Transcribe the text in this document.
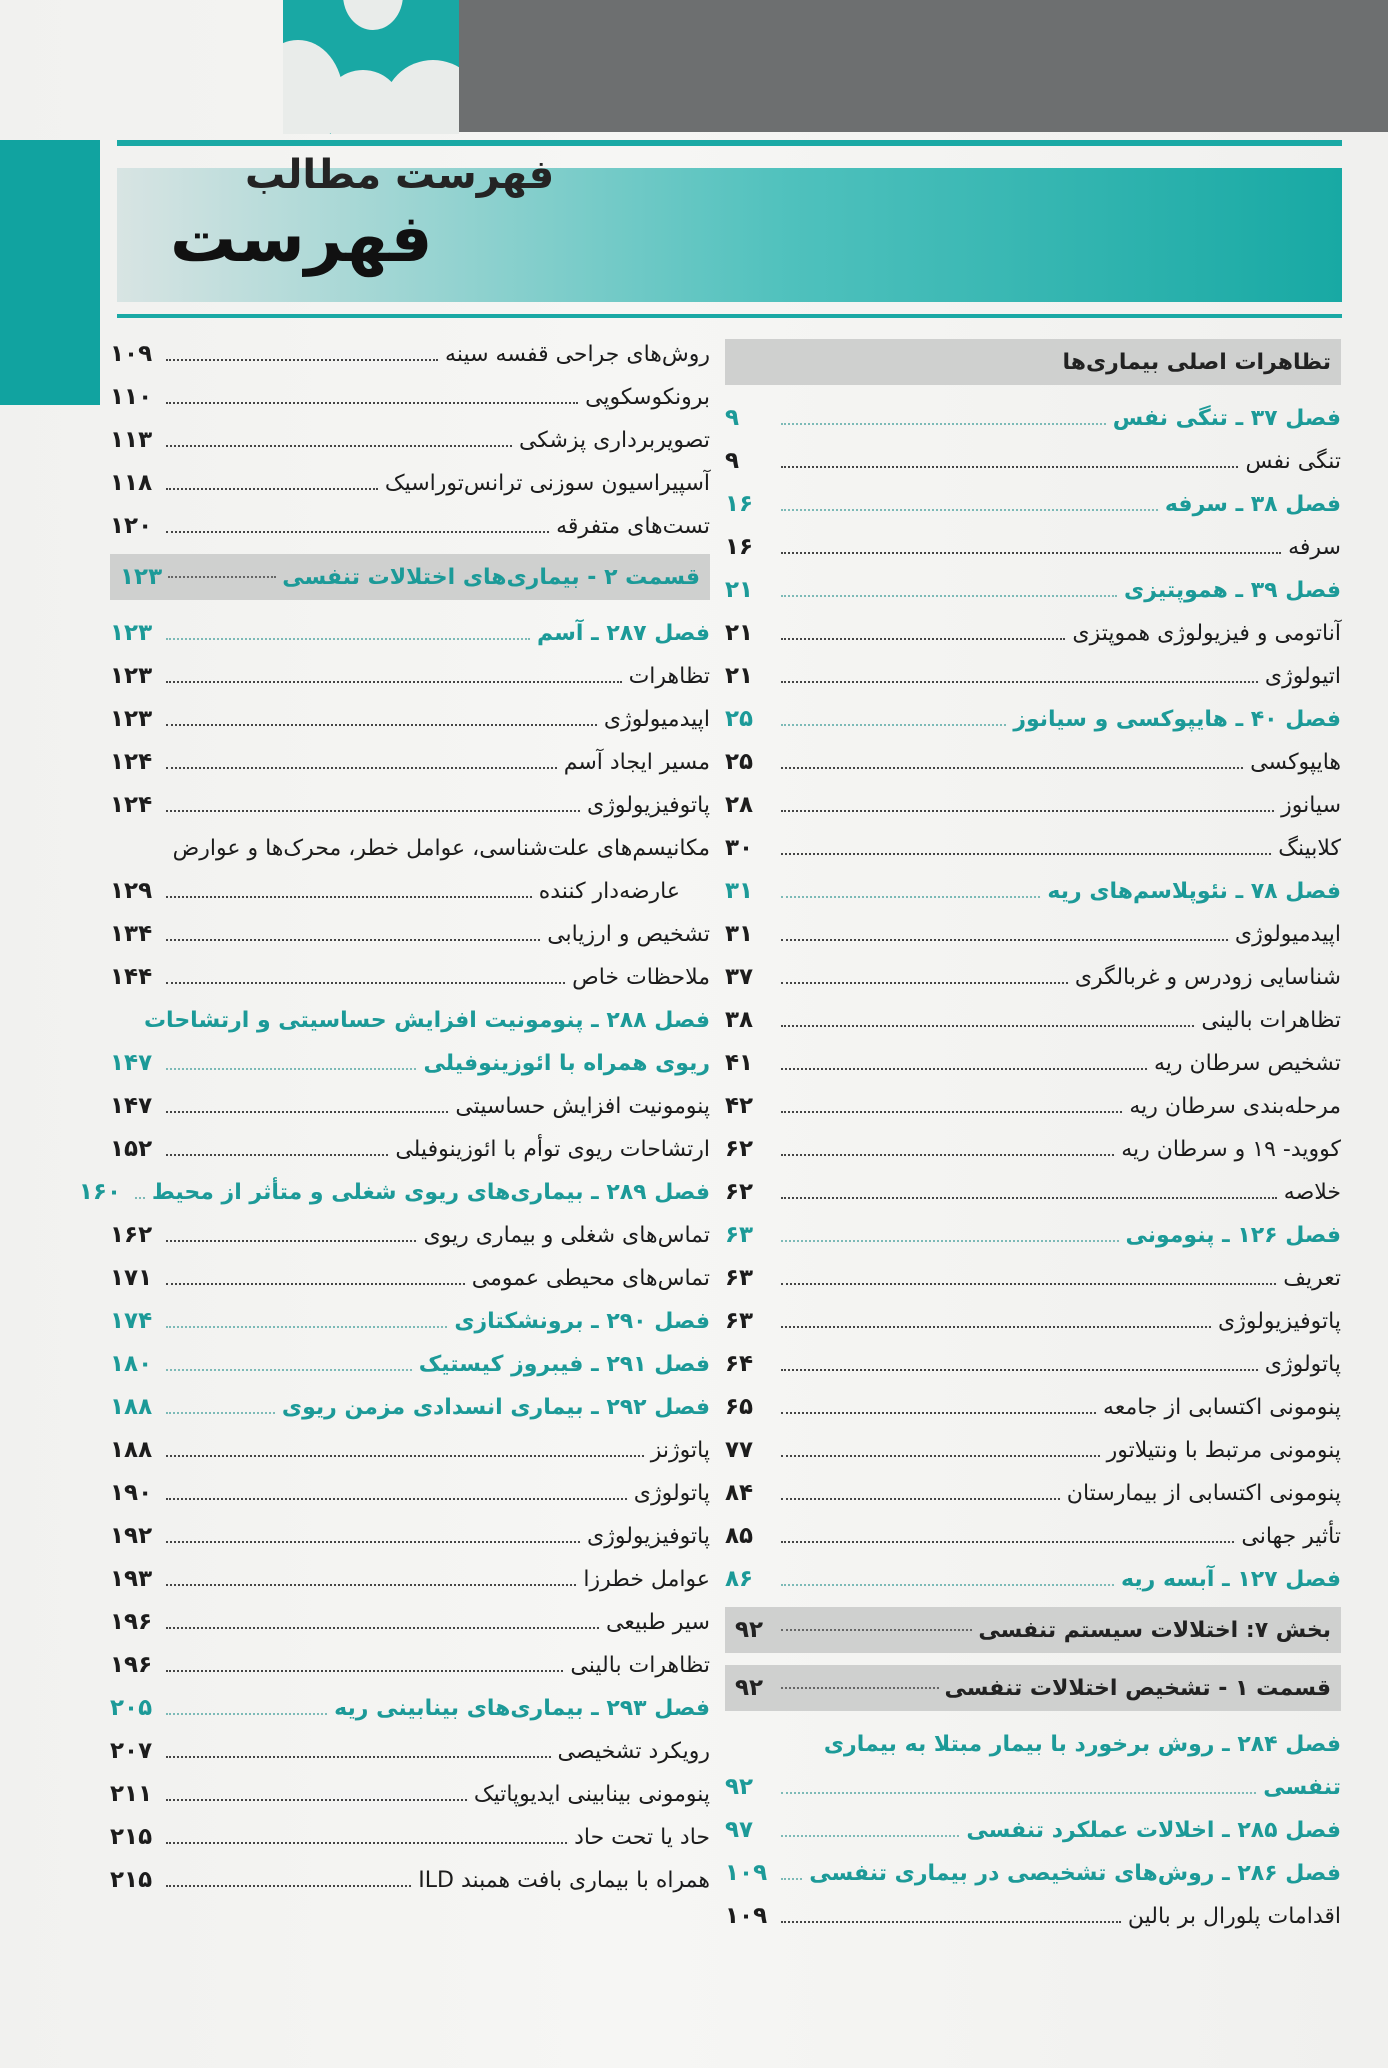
فهرست مطالب
فهرست
تظاهرات اصلی بیماری‌ها
فصل ۳۷ ـ تنگی نفس
۹
تنگی نفس
۹
فصل ۳۸ ـ سرفه
۱۶
سرفه
۱۶
فصل ۳۹ ـ هموپتیزی
۲۱
آناتومی و فیزیولوژی هموپتزی
۲۱
اتیولوژی
۲۱
فصل ۴۰ ـ هایپوکسی و سیانوز
۲۵
هایپوکسی
۲۵
سیانوز
۲۸
کلابینگ
۳۰
فصل ۷۸ ـ نئوپلاسم‌های ریه
۳۱
اپیدمیولوژی
۳۱
شناسایی زودرس و غربالگری
۳۷
تظاهرات بالینی
۳۸
تشخیص سرطان ریه
۴۱
مرحله‌بندی سرطان ریه
۴۲
کووید- ۱۹ و سرطان ریه
۶۲
خلاصه
۶۲
فصل ۱۲۶ ـ پنومونی
۶۳
تعریف
۶۳
پاتوفیزیولوژی
۶۳
پاتولوژی
۶۴
پنومونی اکتسابی از جامعه
۶۵
پنومونی مرتبط با ونتیلاتور
۷۷
پنومونی اکتسابی از بیمارستان
۸۴
تأثیر جهانی
۸۵
فصل ۱۲۷ ـ آبسه ریه
۸۶
بخش ۷: اختلالات سیستم تنفسی
۹۲
قسمت ۱ - تشخیص اختلالات تنفسی
۹۲
فصل ۲۸۴ ـ روش برخورد با بیمار مبتلا به بیماری
تنفسی
۹۲
فصل ۲۸۵ ـ اخلالات عملکرد تنفسی
۹۷
فصل ۲۸۶ ـ روش‌های تشخیصی در بیماری تنفسی
۱۰۹
اقدامات پلورال بر بالین
۱۰۹
روش‌های جراحی قفسه سینه
۱۰۹
برونکوسکوپی
۱۱۰
تصویربرداری پزشکی
۱۱۳
آسپیراسیون سوزنی ترانس‌توراسیک
۱۱۸
تست‌های متفرقه
۱۲۰
قسمت ۲ - بیماری‌های اختلالات تنفسی
۱۲۳
فصل ۲۸۷ ـ آسم
۱۲۳
تظاهرات
۱۲۳
اپیدمیولوژی
۱۲۳
مسیر ایجاد آسم
۱۲۴
پاتوفیزیولوژی
۱۲۴
مکانیسم‌های علت‌شناسی، عوامل خطر، محرک‌ها و عوارض
عارضه‌دار کننده
۱۲۹
تشخیص و ارزیابی
۱۳۴
ملاحظات خاص
۱۴۴
فصل ۲۸۸ ـ پنومونیت افزایش حساسیتی و ارتشاحات
ریوی همراه با ائوزینوفیلی
۱۴۷
پنومونیت افزایش حساسیتی
۱۴۷
ارتشاحات ریوی توأم با ائوزینوفیلی
۱۵۲
فصل ۲۸۹ ـ بیماری‌های ریوی شغلی و متأثر از محیط
۱۶۰
تماس‌های شغلی و بیماری ریوی
۱۶۲
تماس‌های محیطی عمومی
۱۷۱
فصل ۲۹۰ ـ برونشکتازی
۱۷۴
فصل ۲۹۱ ـ فیبروز کیستیک
۱۸۰
فصل ۲۹۲ ـ بیماری انسدادی مزمن ریوی
۱۸۸
پاتوژنز
۱۸۸
پاتولوژی
۱۹۰
پاتوفیزیولوژی
۱۹۲
عوامل خطرزا
۱۹۳
سیر طبیعی
۱۹۶
تظاهرات بالینی
۱۹۶
فصل ۲۹۳ ـ بیماری‌های بینابینی ریه
۲۰۵
رویکرد تشخیصی
۲۰۷
پنومونی بینابینی ایدیوپاتیک
۲۱۱
حاد یا تحت حاد
۲۱۵
ILD همراه با بیماری بافت همبند
۲۱۵
